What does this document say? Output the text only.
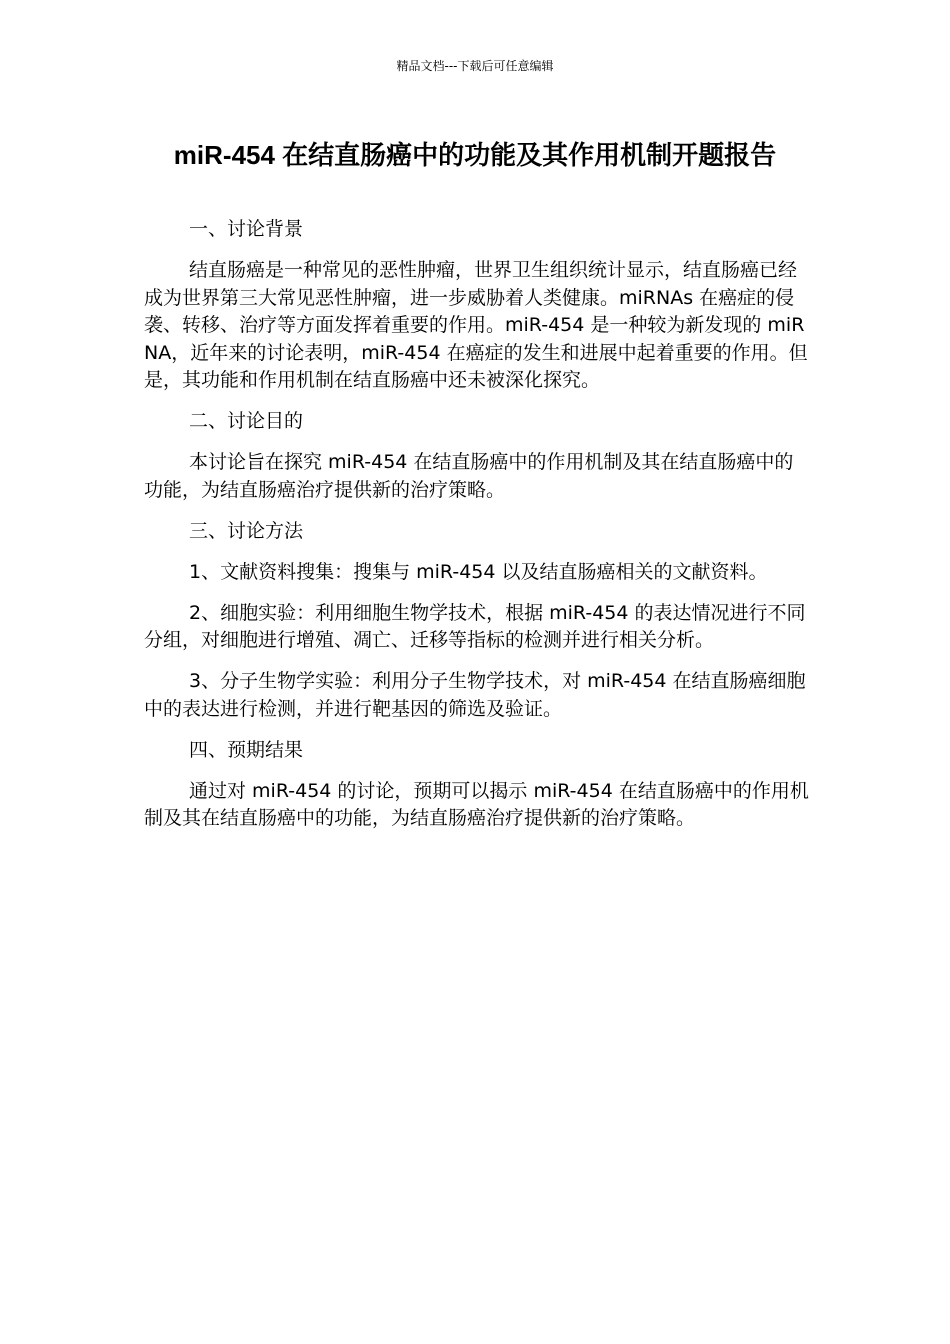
精品文档---下载后可任意编辑
miR-454 在结直肠癌中的功能及其作用机制开题报告

一、讨论背景

结直肠癌是一种常见的恶性肿瘤，世界卫生组织统计显示，结直肠癌已经成为世界第三大常见恶性肿瘤，进一步威胁着人类健康。miRNAs 在癌症的侵袭、转移、治疗等方面发挥着重要的作用。miR-454 是一种较为新发现的 miRNA，近年来的讨论表明，miR-454 在癌症的发生和进展中起着重要的作用。但是，其功能和作用机制在结直肠癌中还未被深化探究。

二、讨论目的

本讨论旨在探究 miR-454 在结直肠癌中的作用机制及其在结直肠癌中的功能，为结直肠癌治疗提供新的治疗策略。

三、讨论方法

1、文献资料搜集：搜集与 miR-454 以及结直肠癌相关的文献资料。

2、细胞实验：利用细胞生物学技术，根据 miR-454 的表达情况进行不同分组，对细胞进行增殖、凋亡、迁移等指标的检测并进行相关分析。

3、分子生物学实验：利用分子生物学技术，对 miR-454 在结直肠癌细胞中的表达进行检测，并进行靶基因的筛选及验证。

四、预期结果

通过对 miR-454 的讨论，预期可以揭示 miR-454 在结直肠癌中的作用机制及其在结直肠癌中的功能，为结直肠癌治疗提供新的治疗策略。
